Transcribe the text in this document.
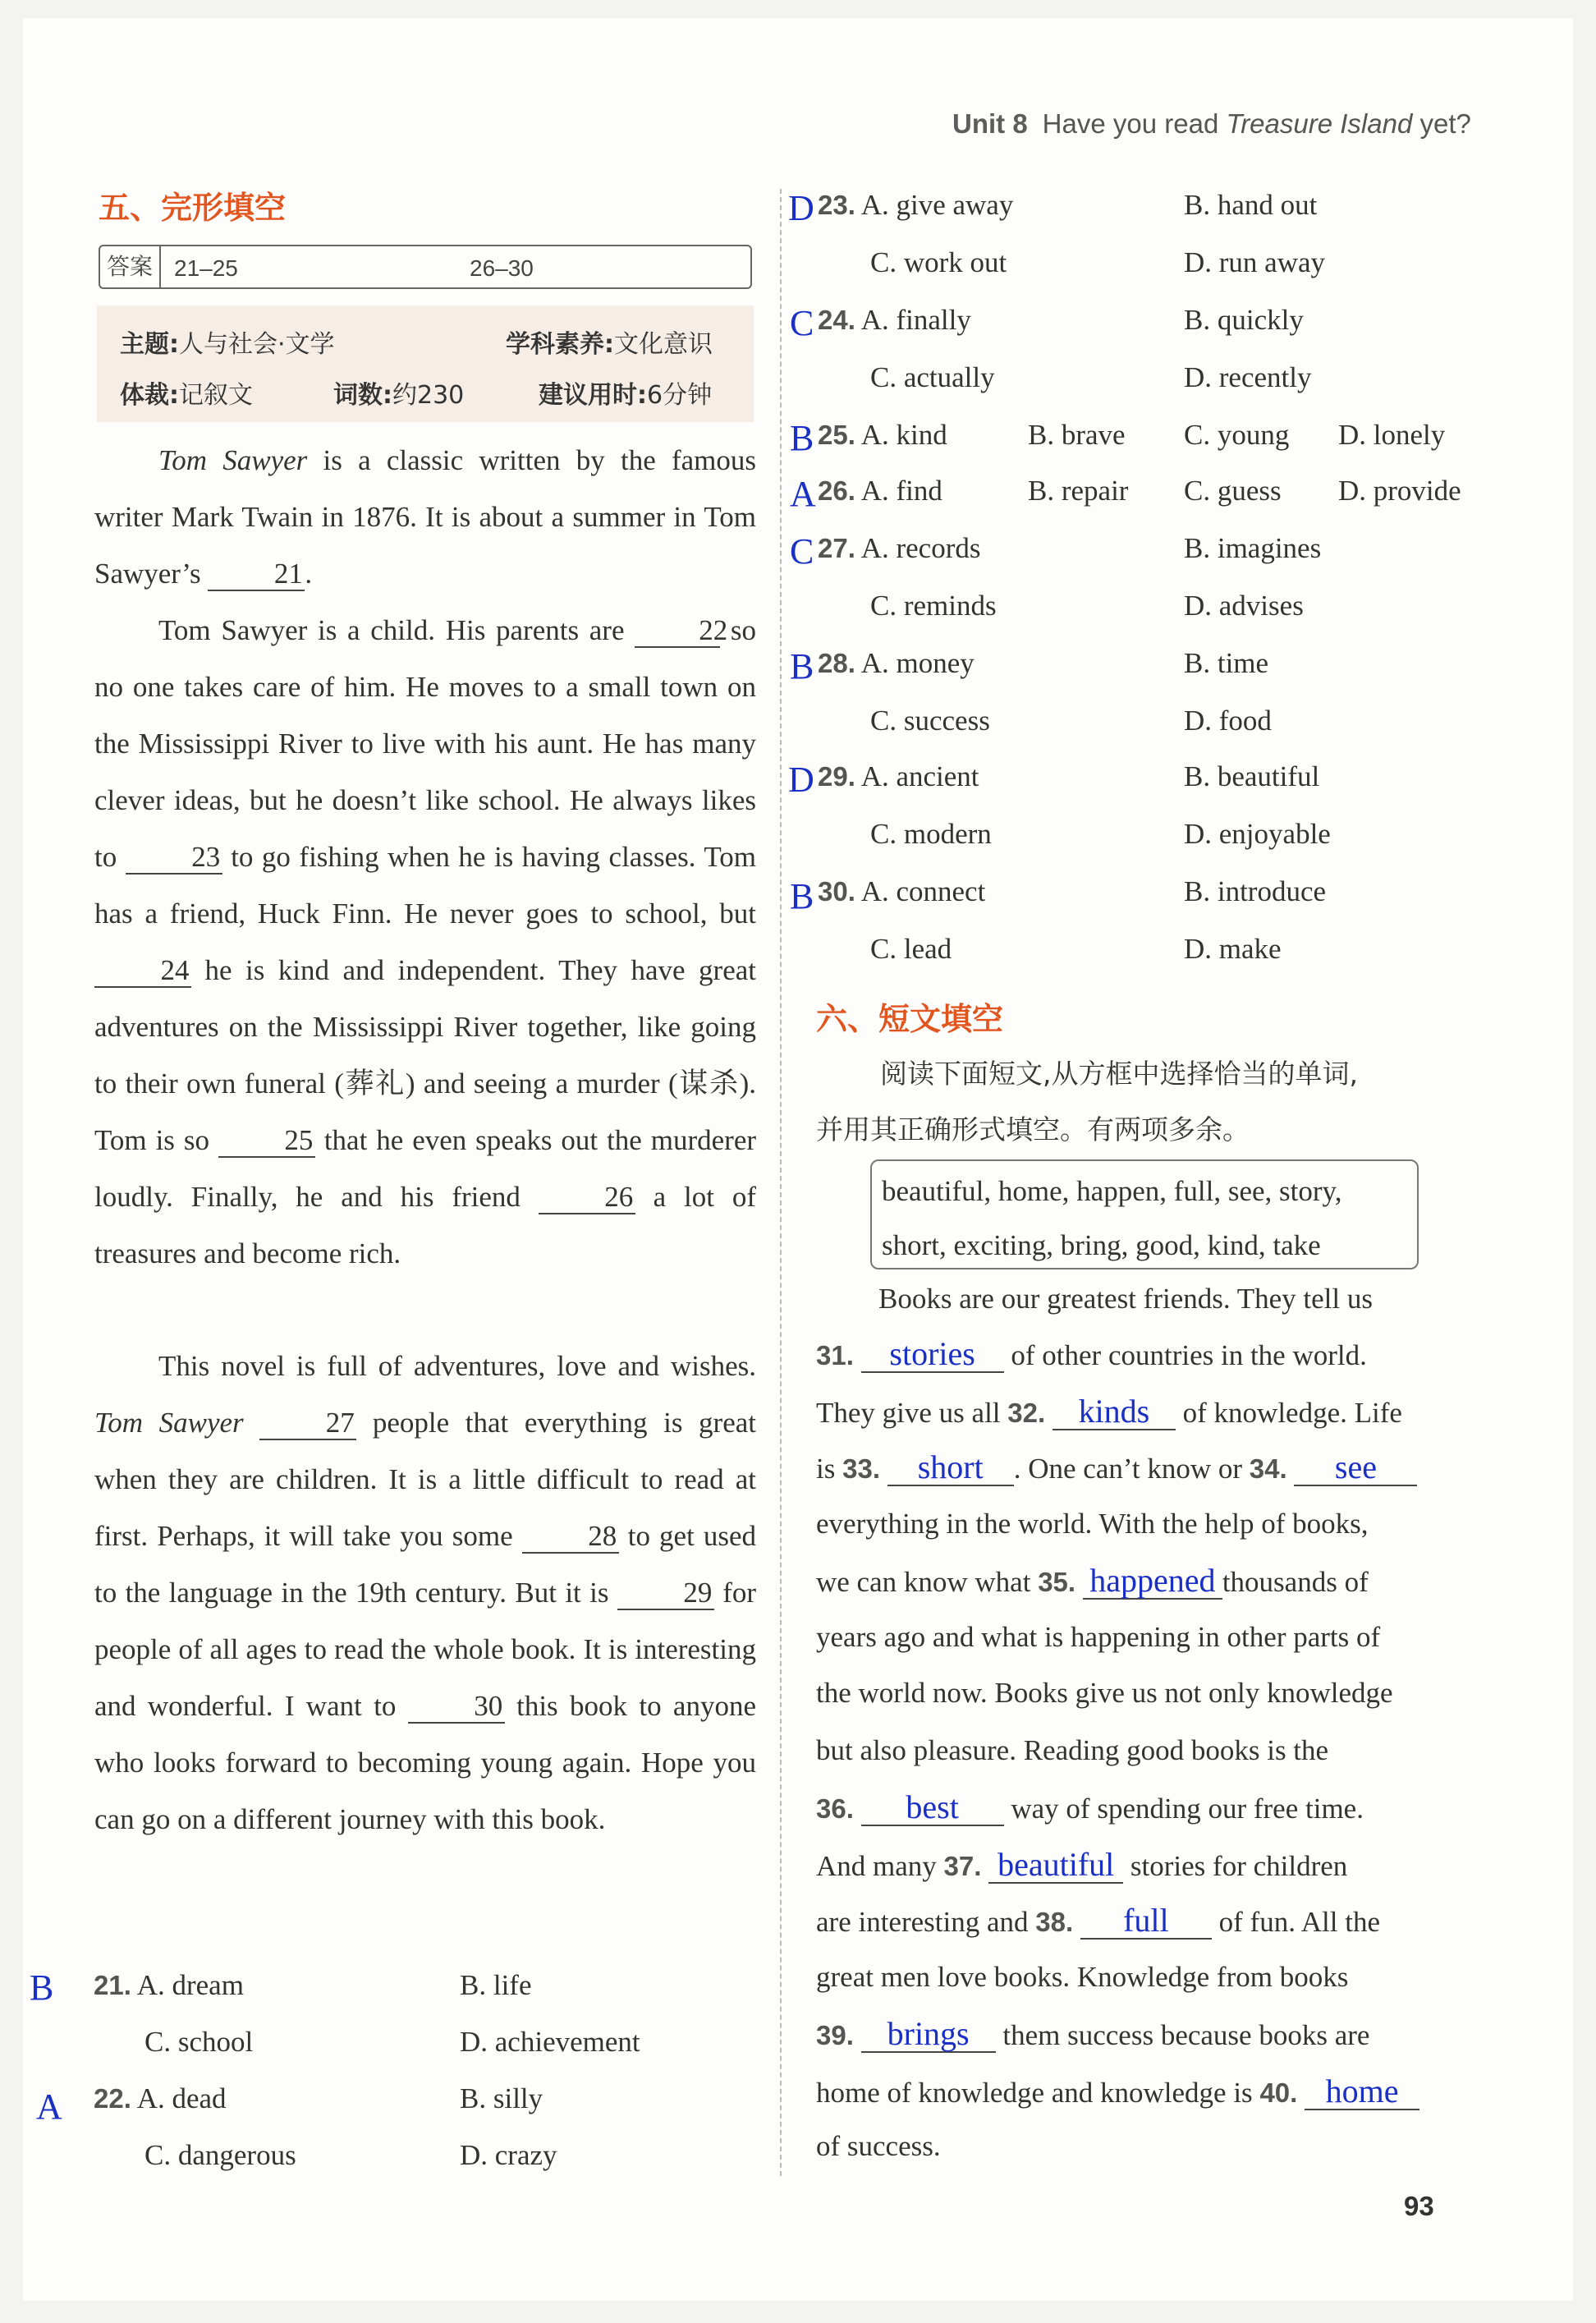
Unit 8 Have you read Treasure Island yet?
五、完形填空
答案 21–25	26–30
主题:人与社会·文学	学科素养:文化意识
体裁:记叙文	词数:约230	建议用时:6分钟
Tom Sawyer is a classic written by the famous writer Mark Twain in 1876. It is about a summer in Tom Sawyer’s 21.
Tom Sawyer is a child. His parents are 22 so no one takes care of him. He moves to a small town on the Mississippi River to live with his aunt. He has many clever ideas, but he doesn’t like school. He always likes to 23 to go fishing when he is having classes. Tom has a friend, Huck Finn. He never goes to school, but 24 he is kind and independent. They have great adventures on the Mississippi River together, like going to their own funeral (葬礼) and seeing a murder (谋杀). Tom is so 25 that he even speaks out the murderer loudly. Finally, he and his friend 26 a lot of treasures and become rich.
This novel is full of adventures, love and wishes. Tom Sawyer	27 people that everything is great when they are children. It is a little difficult to read at first. Perhaps, it will take you some 28 to get used to the language in the 19th century. But it is 29 for people of all ages to read the whole book. It is interesting and wonderful. I want to 30 this book to anyone who looks forward to becoming young again. Hope you can go on a different journey with this book.
B 21. A. dream	B. life
C. school	D. achievement
A 22. A. dead	B. silly
C. dangerous	D. crazy
D 23. A. give away	B. hand out
C. work out	D. run away
C 24. A. finally	B. quickly
C. actually	D. recently
B 25. A. kind	B. brave C. young D. lonely
A 26. A. find	B. repair C. guess D. provide
C 27. A. records	B. imagines
C. reminds	D. advises
B 28. A. money	B. time
C. success	D. food
D 29. A. ancient	B. beautiful
C. modern	D. enjoyable
B 30. A. connect	B. introduce
C. lead	D. make
六、短文填空
阅读下面短文,从方框中选择恰当的单词,
并用其正确形式填空。有两项多余。
beautiful, home, happen, full, see, story,
short, exciting, bring, good, kind, take
Books are our greatest friends. They tell us
31. stories of other countries in the world.
They give us all 32. kinds of knowledge. Life
is 33. short . One can’t know or 34. see
everything in the world. With the help of books,
we can know what 35. happened thousands of
years ago and what is happening in other parts of
the world now. Books give us not only knowledge
but also pleasure. Reading good books is the
36. best way of spending our free time.
And many 37. beautiful stories for children
are interesting and 38. full of fun. All the
great men love books. Knowledge from books
39. brings them success because books are
home of knowledge and knowledge is 40. home
of success.
93
